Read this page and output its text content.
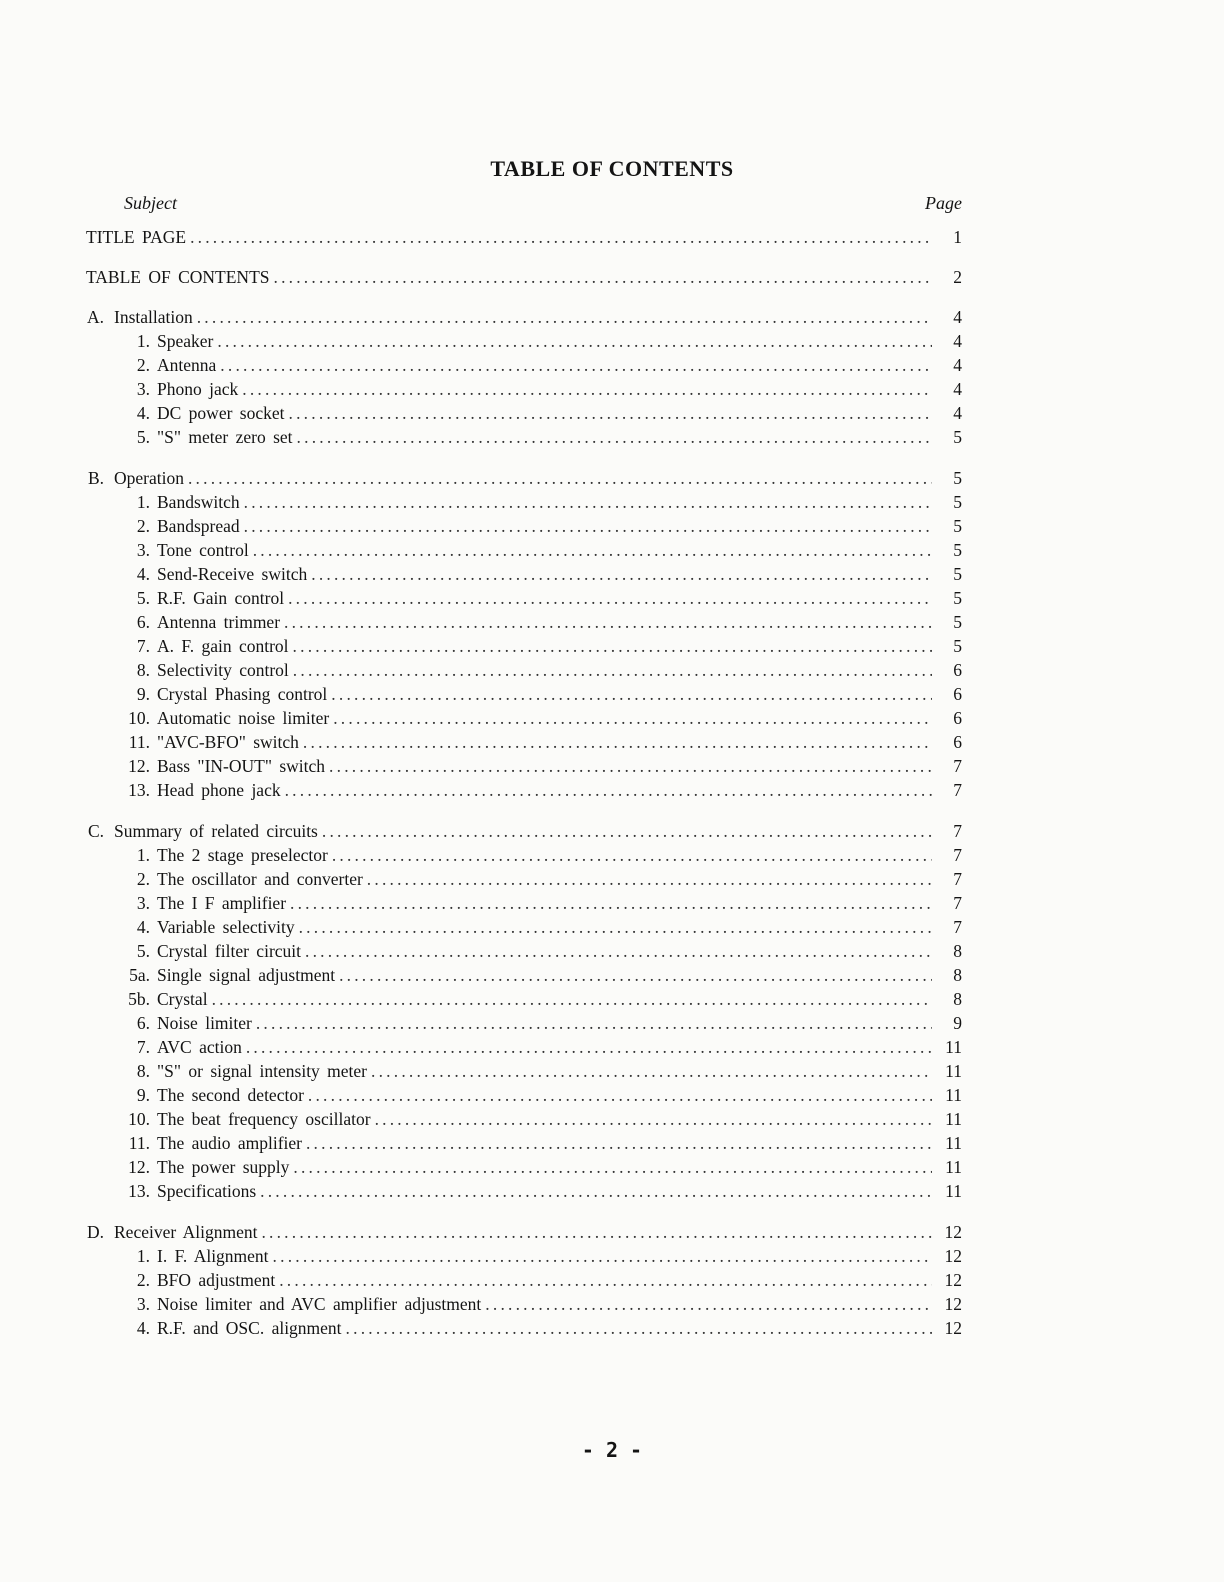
TABLE OF CONTENTS
Subject	Page
TITLE PAGE .....	1
TABLE OF CONTENTS .....	2
A. Installation .....	4
1. Speaker .....	4
2. Antenna .....	4
3. Phono jack .....	4
4. DC power socket .....	4
5. "S" meter zero set .....	5
B. Operation .....	5
1. Bandswitch .....	5
2. Bandspread .....	5
3. Tone control .....	5
4. Send-Receive switch .....	5
5. R.F. Gain control .....	5
6. Antenna trimmer .....	5
7. A. F. gain control .....	5
8. Selectivity control .....	6
9. Crystal Phasing control .....	6
10. Automatic noise limiter .....	6
11. "AVC-BFO" switch .....	6
12. Bass "IN-OUT" switch .....	7
13. Head phone jack .....	7
C. Summary of related circuits .....	7
1. The 2 stage preselector .....	7
2. The oscillator and converter .....	7
3. The I F amplifier .....	7
4. Variable selectivity .....	7
5. Crystal filter circuit .....	8
5a. Single signal adjustment .....	8
5b. Crystal .....	8
6. Noise limiter .....	9
7. AVC action .....	11
8. "S" or signal intensity meter .....	11
9. The second detector .....	11
10. The beat frequency oscillator .....	11
11. The audio amplifier .....	11
12. The power supply .....	11
13. Specifications .....	11
D. Receiver Alignment .....	12
1. I. F. Alignment .....	12
2. BFO adjustment .....	12
3. Noise limiter and AVC amplifier adjustment .....	12
4. R.F. and OSC. alignment .....	12
- 2 -
